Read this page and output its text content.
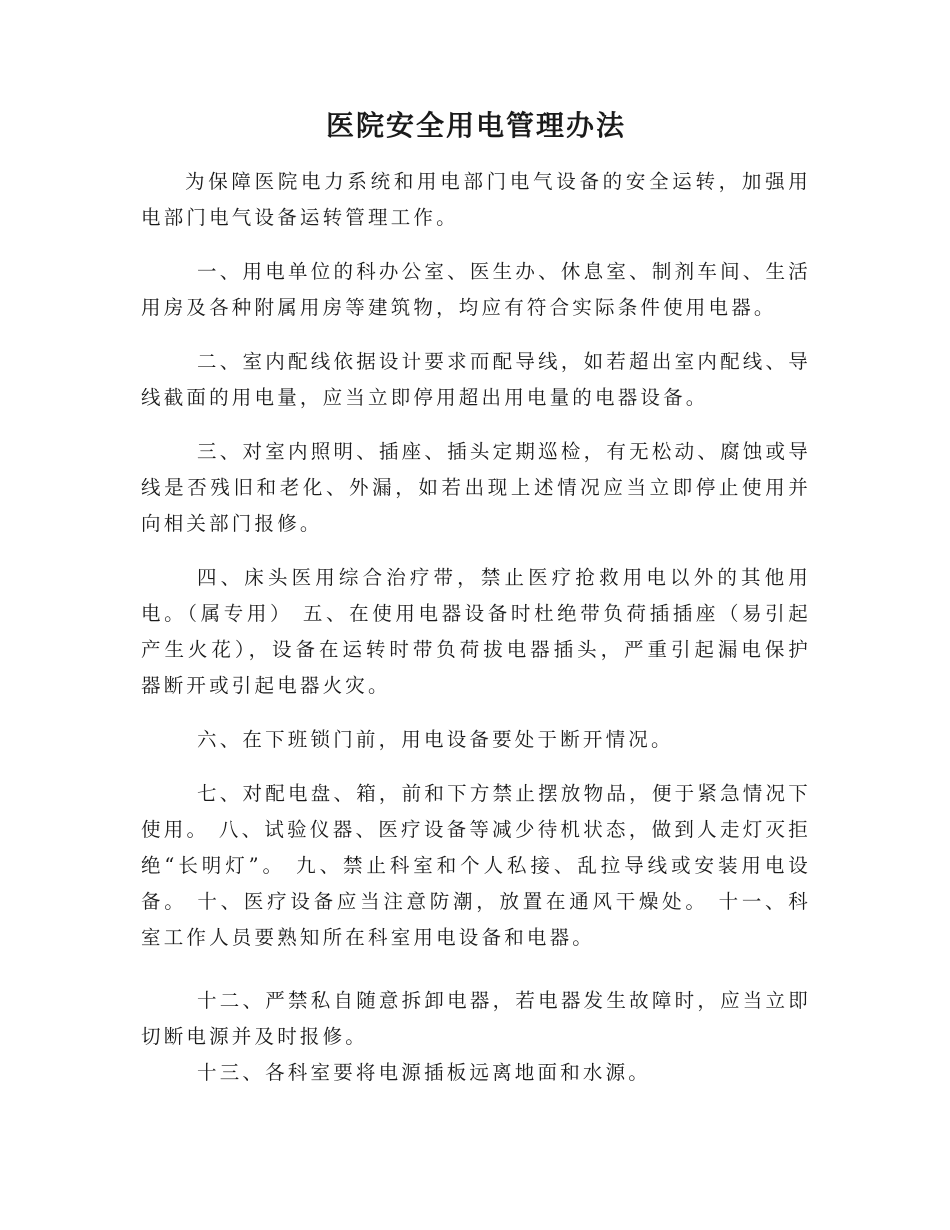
医院安全用电管理办法

为保障医院电力系统和用电部门电气设备的安全运转，加强用电部门电气设备运转管理工作。

一、用电单位的科办公室、医生办、休息室、制剂车间、生活用房及各种附属用房等建筑物，均应有符合实际条件使用电器。

二、室内配线依据设计要求而配导线，如若超出室内配线、导线截面的用电量，应当立即停用超出用电量的电器设备。

三、对室内照明、插座、插头定期巡检，有无松动、腐蚀或导线是否残旧和老化、外漏，如若出现上述情况应当立即停止使用并向相关部门报修。

四、床头医用综合治疗带，禁止医疗抢救用电以外的其他用电。（属专用） 五、在使用电器设备时杜绝带负荷插插座（易引起产生火花），设备在运转时带负荷拔电器插头，严重引起漏电保护器断开或引起电器火灾。

六、在下班锁门前，用电设备要处于断开情况。

七、对配电盘、箱，前和下方禁止摆放物品，便于紧急情况下使用。 八、试验仪器、医疗设备等减少待机状态，做到人走灯灭拒绝“长明灯”。 九、禁止科室和个人私接、乱拉导线或安装用电设备。 十、医疗设备应当注意防潮，放置在通风干燥处。 十一、科室工作人员要熟知所在科室用电设备和电器。

十二、严禁私自随意拆卸电器，若电器发生故障时，应当立即切断电源并及时报修。

十三、各科室要将电源插板远离地面和水源。
